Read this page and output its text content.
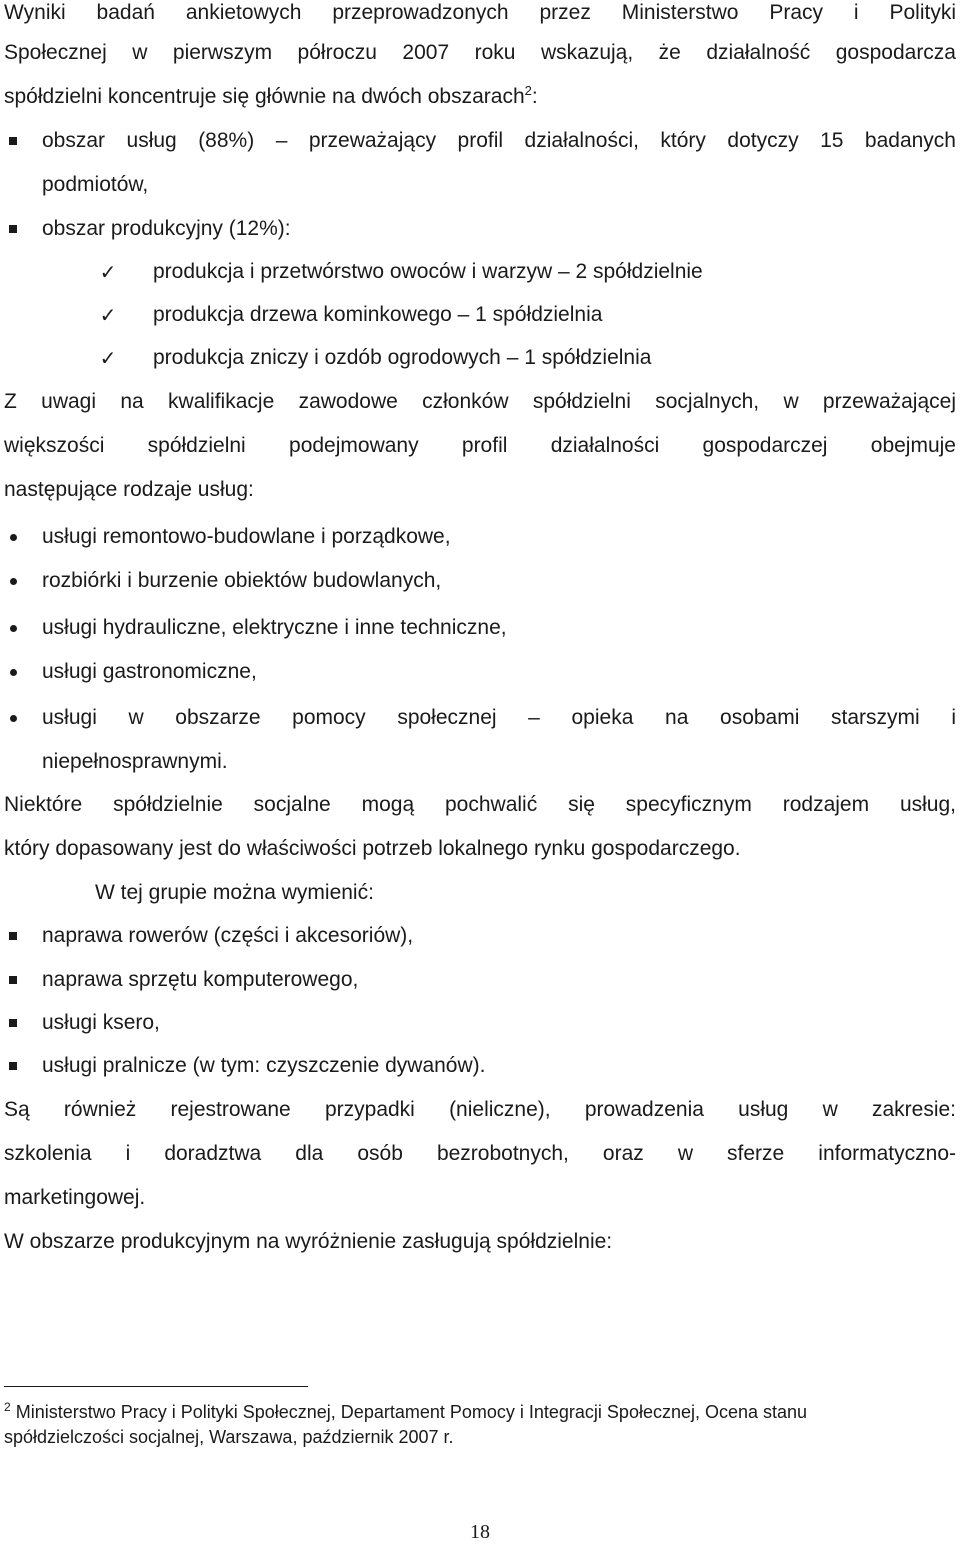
Wyniki badań ankietowych przeprowadzonych przez Ministerstwo Pracy i Polityki
Społecznej w pierwszym półroczu 2007 roku wskazują, że działalność gospodarcza
spółdzielni koncentruje się głównie na dwóch obszarach$^2$:
obszar usług (88%) – przeważający profil działalności, który dotyczy 15 badanych
podmiotów,
obszar produkcyjny (12%):
✓ produkcja i przetwórstwo owoców i warzyw – 2 spółdzielnie
✓ produkcja drzewa kominkowego – 1 spółdzielnia
✓ produkcja zniczy i ozdób ogrodowych – 1 spółdzielnia
Z uwagi na kwalifikacje zawodowe członków spółdzielni socjalnych, w przeważającej
większości spółdzielni podejmowany profil działalności gospodarczej obejmuje
następujące rodzaje usług:
usługi remontowo-budowlane i porządkowe,
rozbiórki i burzenie obiektów budowlanych,
usługi hydrauliczne, elektryczne i inne techniczne,
usługi gastronomiczne,
usługi w obszarze pomocy społecznej – opieka na osobami starszymi i
niepełnosprawnymi.
Niektóre spółdzielnie socjalne mogą pochwalić się specyficznym rodzajem usług,
który dopasowany jest do właściwości potrzeb lokalnego rynku gospodarczego.
W tej grupie można wymienić:
naprawa rowerów (części i akcesoriów),
naprawa sprzętu komputerowego,
usługi ksero,
usługi pralnicze (w tym: czyszczenie dywanów).
Są również rejestrowane przypadki (nieliczne), prowadzenia usług w zakresie:
szkolenia i doradztwa dla osób bezrobotnych, oraz w sferze informatyczno-
marketingowej.
W obszarze produkcyjnym na wyróżnienie zasługują spółdzielnie:
$^2$ Ministerstwo Pracy i Polityki Społecznej, Departament Pomocy i Integracji Społecznej, Ocena stanu
spółdzielczości socjalnej, Warszawa, październik 2007 r.
18
